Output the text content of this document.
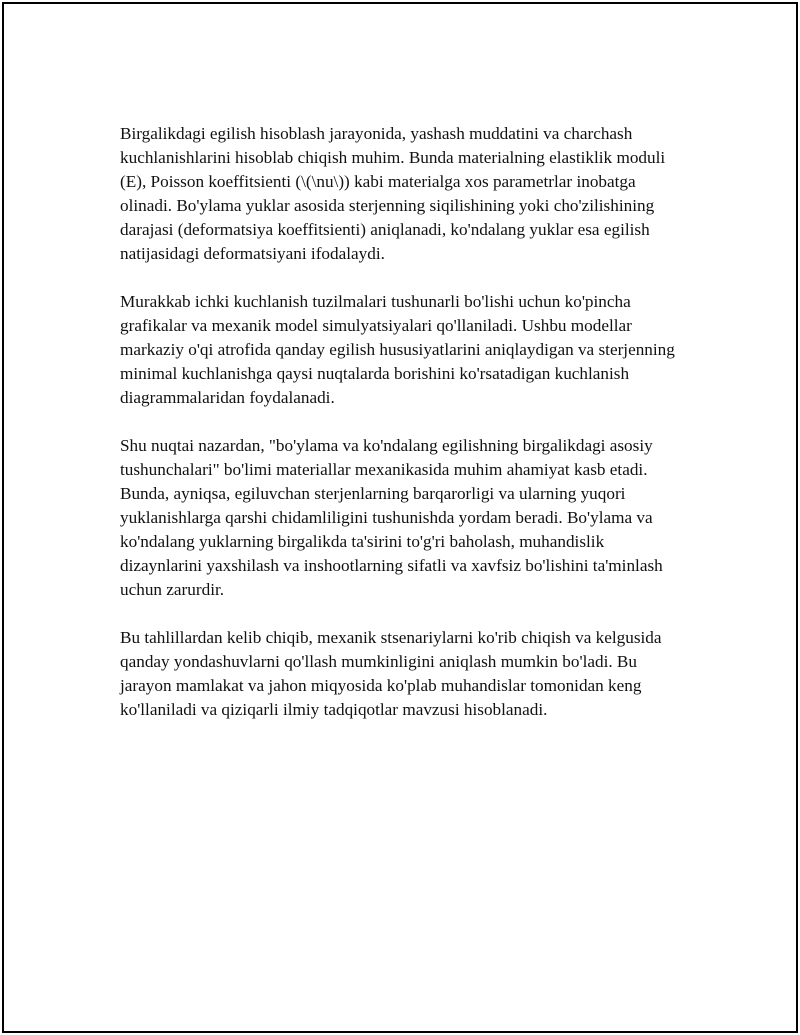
Birgalikdagi egilish hisoblash jarayonida, yashash muddatini va charchash kuchlanishlarini hisoblab chiqish muhim. Bunda materialning elastiklik moduli (E), Poisson koeffitsienti (\(\nu\)) kabi materialga xos parametrlar inobatga olinadi. Bo'ylama yuklar asosida sterjenning siqilishining yoki cho'zilishining darajasi (deformatsiya koeffitsienti) aniqlanadi, ko'ndalang yuklar esa egilish natijasidagi deformatsiyani ifodalaydi.

Murakkab ichki kuchlanish tuzilmalari tushunarli bo'lishi uchun ko'pincha grafikalar va mexanik model simulyatsiyalari qo'llaniladi. Ushbu modellar markaziy o'qi atrofida qanday egilish hususiyatlarini aniqlaydigan va sterjenning minimal kuchlanishga qaysi nuqtalarda borishini ko'rsatadigan kuchlanish diagrammalaridan foydalanadi.

Shu nuqtai nazardan, "bo'ylama va ko'ndalang egilishning birgalikdagi asosiy tushunchalari" bo'limi materiallar mexanikasida muhim ahamiyat kasb etadi. Bunda, ayniqsa, egiluvchan sterjenlarning barqarorligi va ularning yuqori yuklanishlarga qarshi chidamliligini tushunishda yordam beradi. Bo'ylama va ko'ndalang yuklarning birgalikda ta'sirini to'g'ri baholash, muhandislik dizaynlarini yaxshilash va inshootlarning sifatli va xavfsiz bo'lishini ta'minlash uchun zarurdir.

Bu tahlillardan kelib chiqib, mexanik stsenariylarni ko'rib chiqish va kelgusida qanday yondashuvlarni qo'llash mumkinligini aniqlash mumkin bo'ladi. Bu jarayon mamlakat va jahon miqyosida ko'plab muhandislar tomonidan keng ko'llaniladi va qiziqarli ilmiy tadqiqotlar mavzusi hisoblanadi.
